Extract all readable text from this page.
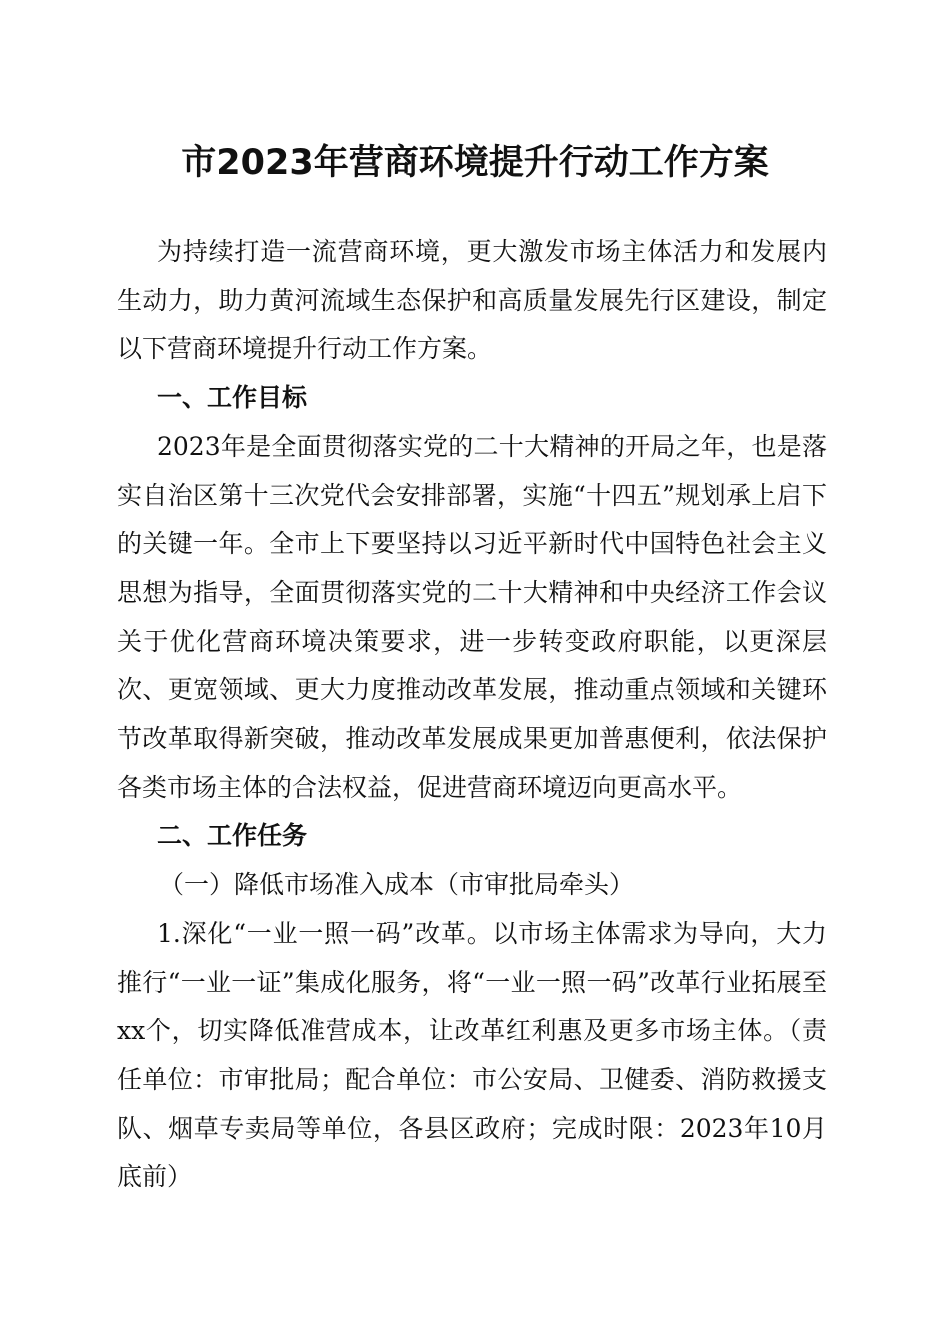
市2023年营商环境提升行动工作方案

为持续打造一流营商环境，更大激发市场主体活力和发展内生动力，助力黄河流域生态保护和高质量发展先行区建设，制定以下营商环境提升行动工作方案。

一、工作目标

2023年是全面贯彻落实党的二十大精神的开局之年，也是落实自治区第十三次党代会安排部署，实施“十四五”规划承上启下的关键一年。全市上下要坚持以习近平新时代中国特色社会主义思想为指导，全面贯彻落实党的二十大精神和中央经济工作会议关于优化营商环境决策要求，进一步转变政府职能，以更深层次、更宽领域、更大力度推动改革发展，推动重点领域和关键环节改革取得新突破，推动改革发展成果更加普惠便利，依法保护各类市场主体的合法权益，促进营商环境迈向更高水平。

二、工作任务

（一）降低市场准入成本（市审批局牵头）

1.深化“一业一照一码”改革。以市场主体需求为导向，大力推行“一业一证”集成化服务，将“一业一照一码”改革行业拓展至xx个，切实降低准营成本，让改革红利惠及更多市场主体。（责任单位：市审批局；配合单位：市公安局、卫健委、消防救援支队、烟草专卖局等单位，各县区政府；完成时限：2023年10月底前）
